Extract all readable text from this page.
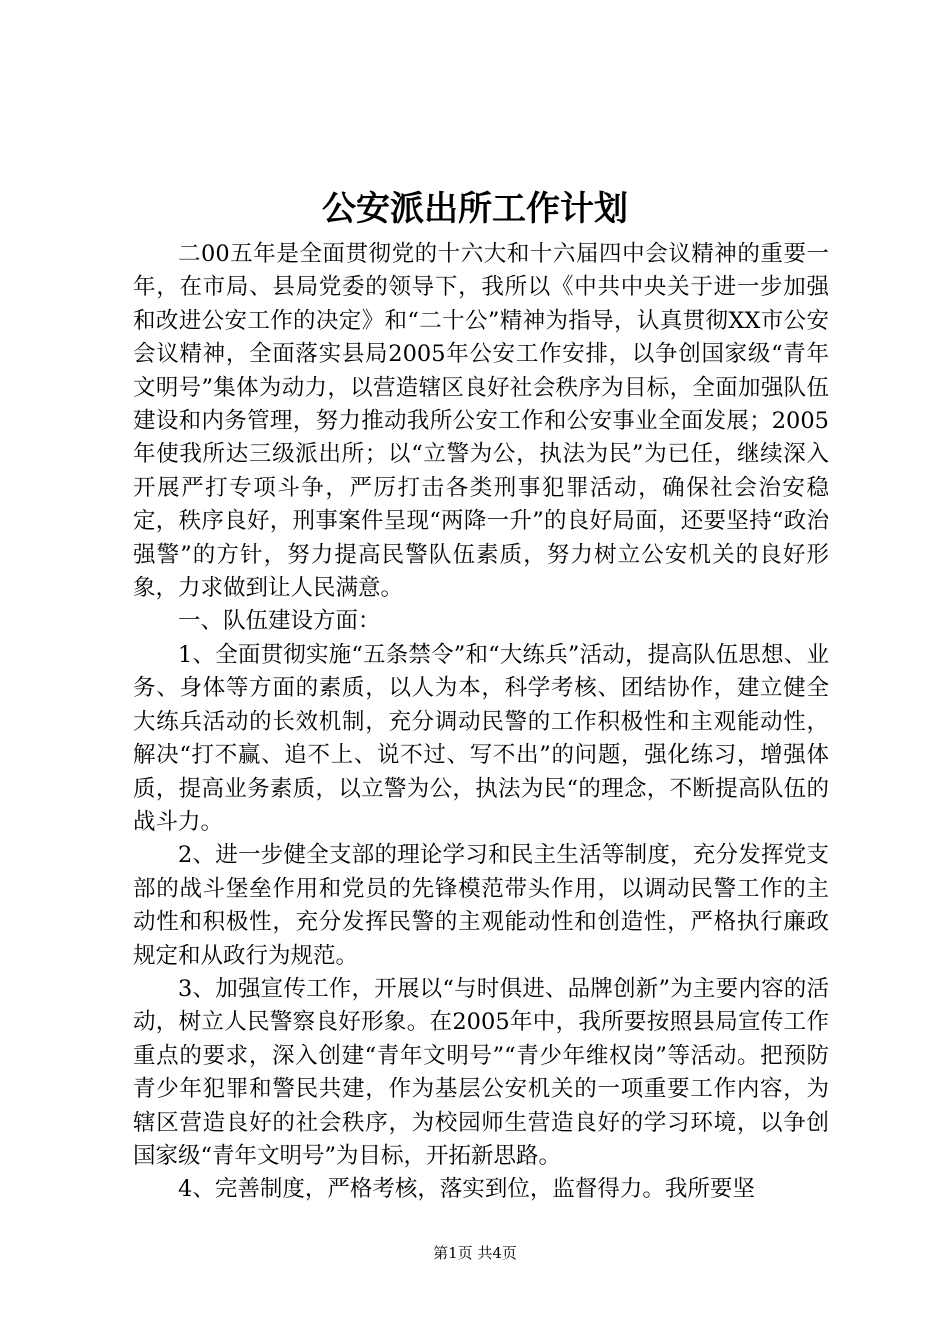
公安派出所工作计划

二00五年是全面贯彻党的十六大和十六届四中会议精神的重要一年，在市局、县局党委的领导下，我所以《中共中央关于进一步加强和改进公安工作的决定》和“二十公”精神为指导，认真贯彻XX市公安会议精神，全面落实县局2005年公安工作安排，以争创国家级“青年文明号”集体为动力，以营造辖区良好社会秩序为目标，全面加强队伍建设和内务管理，努力推动我所公安工作和公安事业全面发展；2005年使我所达三级派出所；以“立警为公，执法为民”为已任，继续深入开展严打专项斗争，严厉打击各类刑事犯罪活动，确保社会治安稳定，秩序良好，刑事案件呈现“两降一升”的良好局面，还要坚持“政治强警”的方针，努力提高民警队伍素质，努力树立公安机关的良好形象，力求做到让人民满意。

一、队伍建设方面：

1、全面贯彻实施“五条禁令”和“大练兵”活动，提高队伍思想、业务、身体等方面的素质，以人为本，科学考核、团结协作，建立健全大练兵活动的长效机制，充分调动民警的工作积极性和主观能动性，解决“打不赢、追不上、说不过、写不出”的问题，强化练习，增强体质，提高业务素质，以立警为公，执法为民“的理念，不断提高队伍的战斗力。

2、进一步健全支部的理论学习和民主生活等制度，充分发挥党支部的战斗堡垒作用和党员的先锋模范带头作用，以调动民警工作的主动性和积极性，充分发挥民警的主观能动性和创造性，严格执行廉政规定和从政行为规范。

3、加强宣传工作，开展以“与时俱进、品牌创新”为主要内容的活动，树立人民警察良好形象。在2005年中，我所要按照县局宣传工作重点的要求，深入创建“青年文明号”“青少年维权岗”等活动。把预防青少年犯罪和警民共建，作为基层公安机关的一项重要工作内容，为辖区营造良好的社会秩序，为校园师生营造良好的学习环境，以争创国家级“青年文明号”为目标，开拓新思路。

4、完善制度，严格考核，落实到位，监督得力。我所要坚

第1页 共4页
